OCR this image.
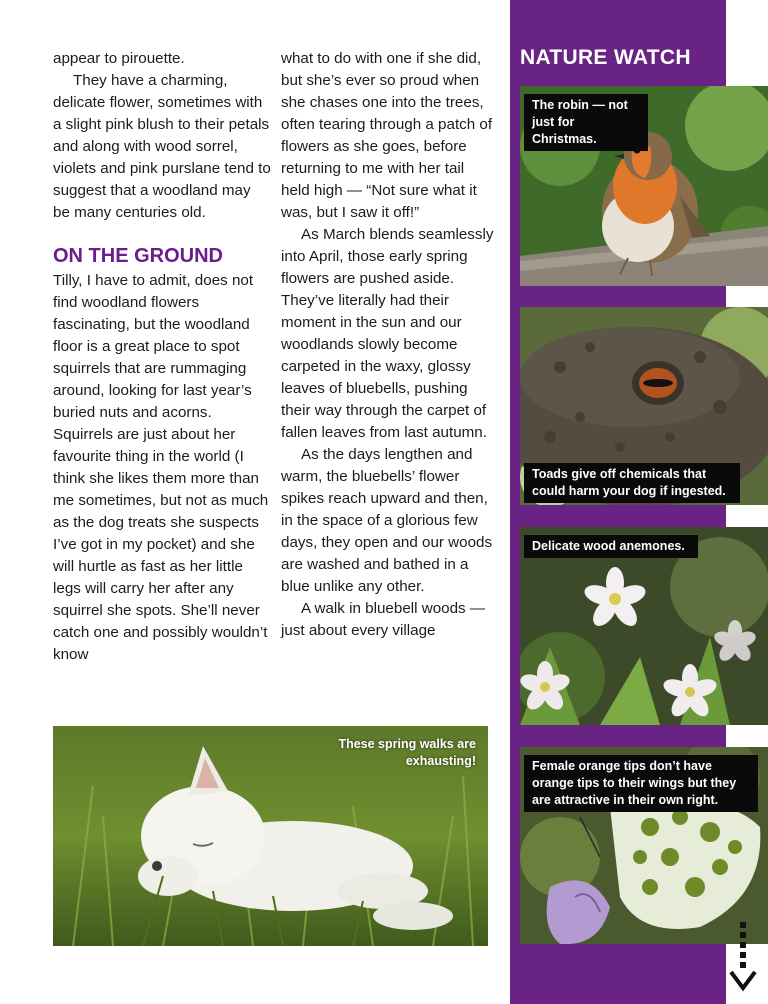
appear to pirouette.

They have a charming, delicate flower, sometimes with a slight pink blush to their petals and along with wood sorrel, violets and pink purslane tend to suggest that a woodland may be many centuries old.

ON THE GROUND

Tilly, I have to admit, does not find woodland flowers fascinating, but the woodland floor is a great place to spot squirrels that are rummaging around, looking for last year’s buried nuts and acorns. Squirrels are just about her favourite thing in the world (I think she likes them more than me sometimes, but not as much as the dog treats she suspects I’ve got in my pocket) and she will hurtle as fast as her little legs will carry her after any squirrel she spots. She’ll never catch one and possibly wouldn’t know

what to do with one if she did, but she’s ever so proud when she chases one into the trees, often tearing through a patch of flowers as she goes, before returning to me with her tail held high — “Not sure what it was, but I saw it off!”

As March blends seamlessly into April, those early spring flowers are pushed aside. They’ve literally had their moment in the sun and our woodlands slowly become carpeted in the waxy, glossy leaves of bluebells, pushing their way through the carpet of fallen leaves from last autumn.

As the days lengthen and warm, the bluebells’ flower spikes reach upward and then, in the space of a glorious few days, they open and our woods are washed and bathed in a blue unlike any other.

A walk in bluebell woods — just about every village

These spring walks are exhausting!
NATURE WATCH
The robin — not just for Christmas.
Toads give off chemicals that could harm your dog if ingested.
Delicate wood anemones.
Female orange tips don’t have orange tips to their wings but they are attractive in their own right.
